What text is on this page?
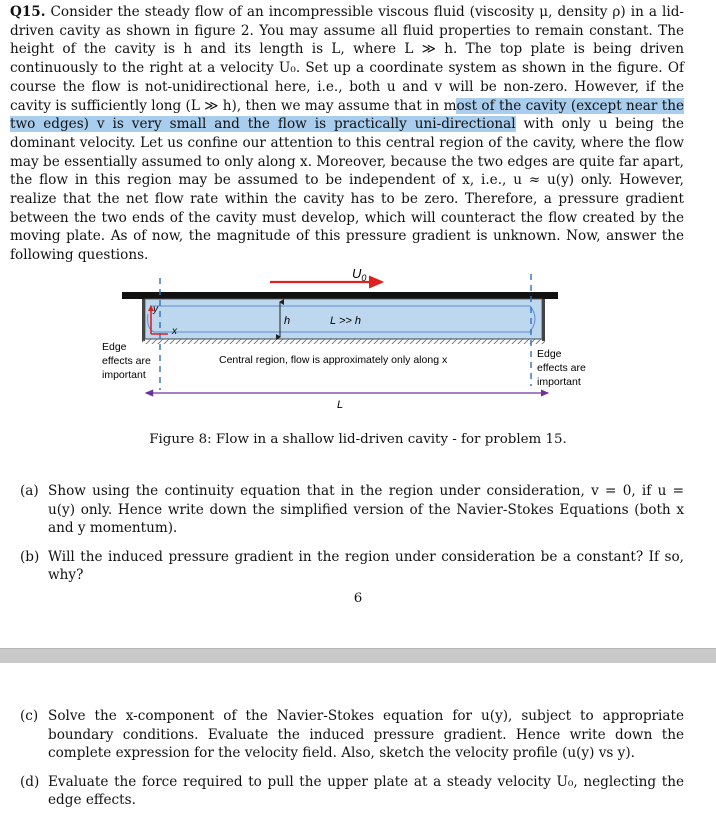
Q15. Consider the steady flow of an incompressible viscous fluid (viscosity μ, density ρ) in a lid-driven cavity as shown in figure 2. You may assume all fluid properties to remain constant. The height of the cavity is h and its length is L, where L ≫ h. The top plate is being driven continuously to the right at a velocity U₀. Set up a coordinate system as shown in the figure. Of course the flow is not-unidirectional here, i.e., both u and v will be non-zero. However, if the cavity is sufficiently long (L ≫ h), then we may assume that in most of the cavity (except near the two edges) v is very small and the flow is practically uni-directional with only u being the dominant velocity. Let us confine our attention to this central region of the cavity, where the flow may be essentially assumed to only along x. Moreover, because the two edges are quite far apart, the flow in this region may be assumed to be independent of x, i.e., u ≈ u(y) only. However, realize that the net flow rate within the cavity has to be zero. Therefore, a pressure gradient between the two ends of the cavity must develop, which will counteract the flow created by the moving plate. As of now, the magnitude of this pressure gradient is unknown. Now, answer the following questions.
$U_0$
y
x
h	L >> h
Edge effects are important
Edge effects are important
Central region, flow is approximately only along x
L
Figure 8: Flow in a shallow lid-driven cavity - for problem 15.
(a) Show using the continuity equation that in the region under consideration, v = 0, if u = u(y) only. Hence write down the simplified version of the Navier-Stokes Equations (both x and y momentum).
(b) Will the induced pressure gradient in the region under consideration be a constant? If so, why?
6
(c) Solve the x-component of the Navier-Stokes equation for u(y), subject to appropriate boundary conditions. Evaluate the induced pressure gradient. Hence write down the complete expression for the velocity field. Also, sketch the velocity profile (u(y) vs y).
(d) Evaluate the force required to pull the upper plate at a steady velocity U₀, neglecting the edge effects.
